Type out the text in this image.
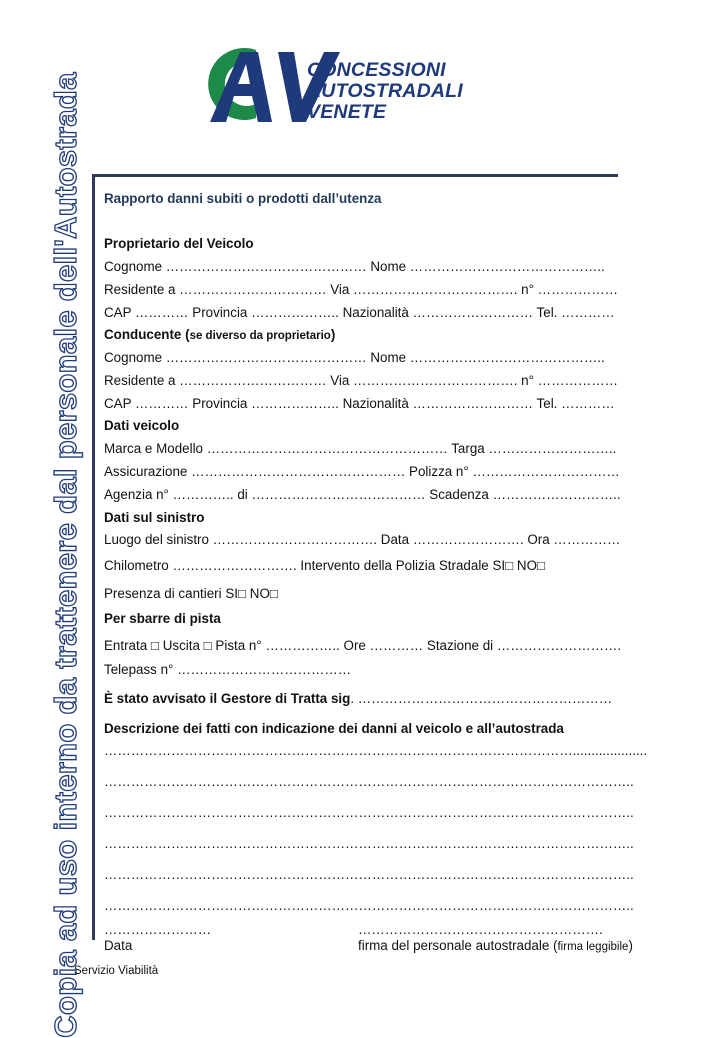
CONCESSIONI
AUTOSTRADALI
VENETE
Copia ad uso interno da trattenere dal personale dell'Autostrada Rapporto danni subiti o prodotti dall’utenza
Proprietario del Veicolo
Cognome ……………………………………… Nome ……………………………………..
Residente a …………………………… Via ………………………………. n° ………………
CAP ………… Provincia ……………….. Nazionalità ……………………… Tel. …………
Conducente (se diverso da proprietario)
Cognome ……………………………………… Nome ……………………………………..
Residente a …………………………… Via ………………………………. n° ………………
CAP ………… Provincia ……………….. Nazionalità ……………………… Tel. …………
Dati veicolo
Marca e Modello ……………………………………………… Targa ………………………..
Assicurazione ………………………………………… Polizza n° ……………………………
Agenzia n° ………….. di ………………………………… Scadenza ………………………..
Dati sul sinistro
Luogo del sinistro ………………………………. Data ……………………. Ora ……………
Chilometro ………………………. Intervento della Polizia Stradale SI□ NO□
Presenza di cantieri SI□ NO□
Per sbarre di pista
Entrata □ Uscita □ Pista n° …………….. Ore ………… Stazione di ……………………….
Telepass n° …………………………………
È stato avvisato il Gestore di Tratta sig. …………………………………………………
Descrizione dei fatti con indicazione dei danni al veicolo e all’autostrada
……………………………………………………………………………………………....................
………………………………………………………………………………………………………..
………………………………………………………………………………………………………..
………………………………………………………………………………………………………..
………………………………………………………………………………………………………..
………………………………………………………………………………………………………..
……………………	……………………………………………….
Data	firma del personale autostradale (firma leggibile)
Servizio Viabilità
